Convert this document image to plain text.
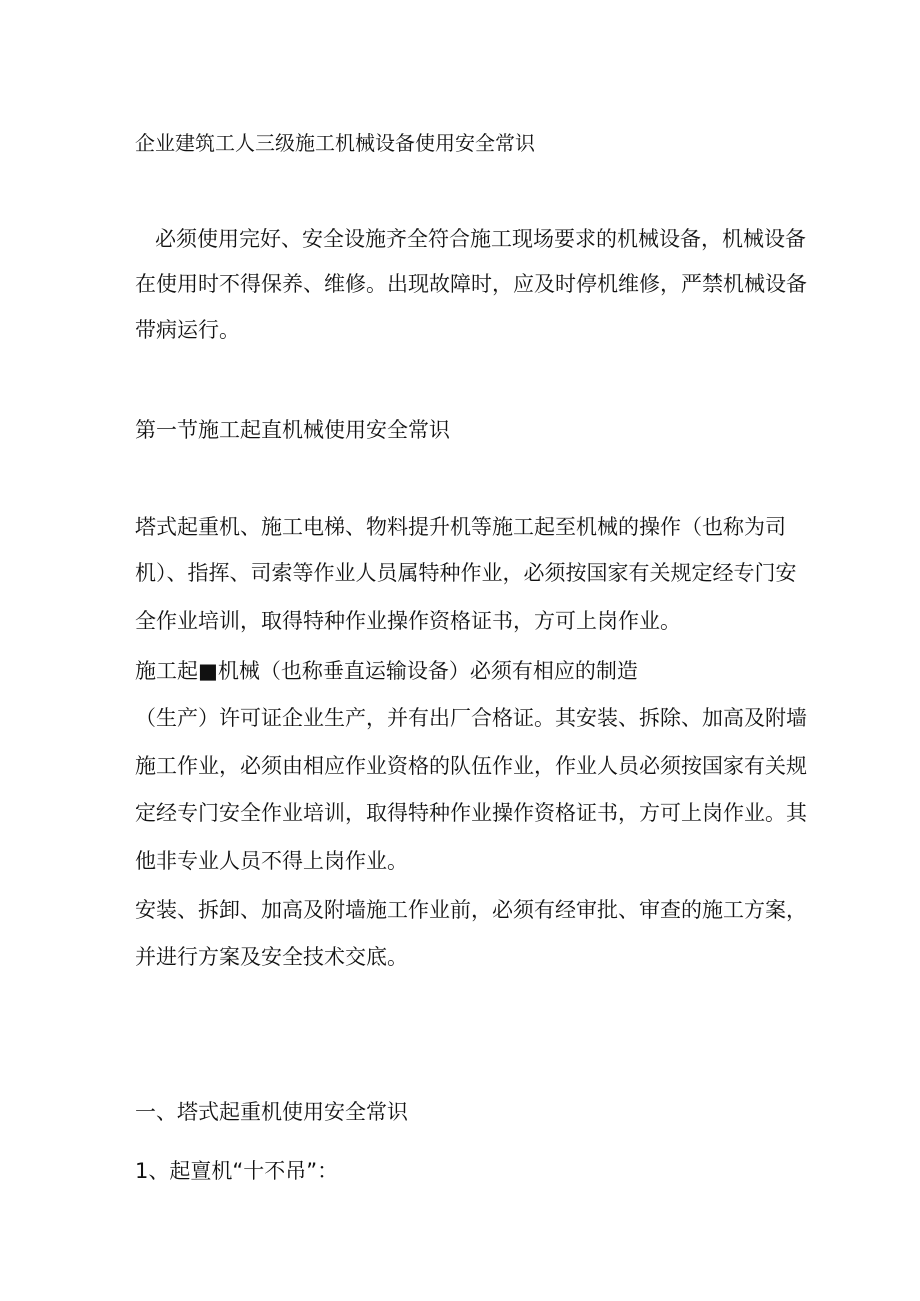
企业建筑工人三级施工机械设备使用安全常识
必须使用完好、安全设施齐全符合施工现场要求的机械设备，机械设备
在使用时不得保养、维修。出现故障时，应及时停机维修，严禁机械设备
带病运行。
第一节施工起直机械使用安全常识
塔式起重机、施工电梯、物料提升机等施工起至机械的操作（也称为司
机）、指挥、司索等作业人员属特种作业，必须按国家有关规定经专门安
全作业培训，取得特种作业操作资格证书，方可上岗作业。
施工起■机械（也称垂直运输设备）必须有相应的制造
（生产）许可证企业生产，并有出厂合格证。其安装、拆除、加高及附墙
施工作业，必须由相应作业资格的队伍作业，作业人员必须按国家有关规
定经专门安全作业培训，取得特种作业操作资格证书，方可上岗作业。其
他非专业人员不得上岗作业。
安装、拆卸、加高及附墙施工作业前，必须有经审批、审查的施工方案，
并进行方案及安全技术交底。
一、塔式起重机使用安全常识
1、起亶机“十不吊”：
